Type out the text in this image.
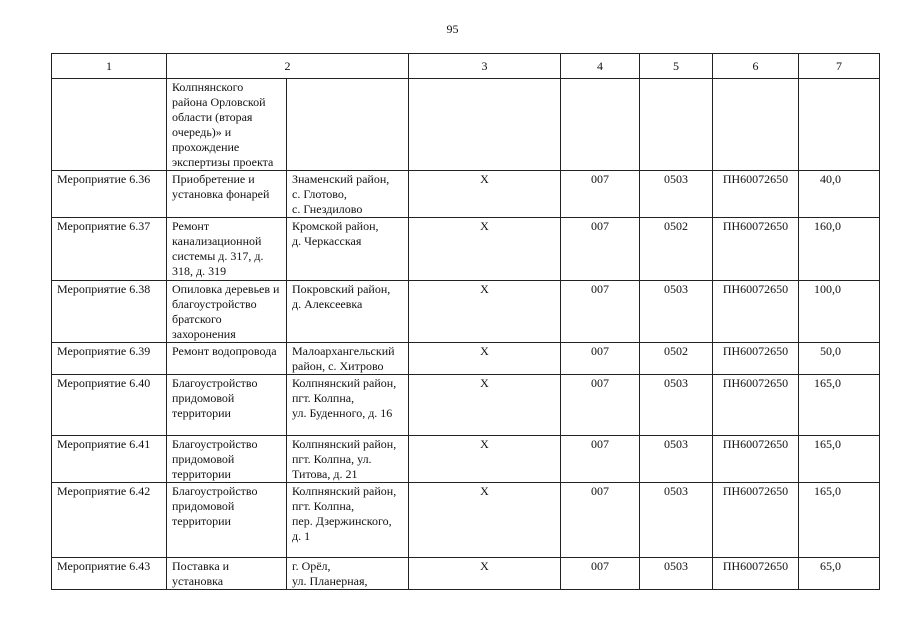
95
1	2		3	4	5	6	7
	Колпнянского района Орловской области (вторая очередь)» и прохождение экспертизы проекта						
Мероприятие 6.36	Приобретение и установка фонарей	Знаменский район,
с. Глотово,
с. Гнездилово	Х	007	0503	ПН60072650	40,0
Мероприятие 6.37	Ремонт канализационной системы д. 317, д. 318, д. 319	Кромской район,
д. Черкасская	Х	007	0502	ПН60072650	160,0
Мероприятие 6.38	Опиловка деревьев и благоустройство братского захоронения	Покровский район,
д. Алексеевка	Х	007	0503	ПН60072650	100,0
Мероприятие 6.39	Ремонт водопровода	Малоархангельский район, с. Хитрово	Х	007	0502	ПН60072650	50,0
Мероприятие 6.40	Благоустройство придомовой территории	Колпнянский район,
пгт. Колпна,
ул. Буденного, д. 16	Х	007	0503	ПН60072650	165,0
Мероприятие 6.41	Благоустройство придомовой территории	Колпнянский район, пгт. Колпна, ул. Титова, д. 21	Х	007	0503	ПН60072650	165,0
Мероприятие 6.42	Благоустройство придомовой территории	Колпнянский район,
пгт. Колпна,
пер. Дзержинского, д. 1	Х	007	0503	ПН60072650	165,0
Мероприятие 6.43	Поставка и установка	г. Орёл,
ул. Планерная,	Х	007	0503	ПН60072650	65,0
